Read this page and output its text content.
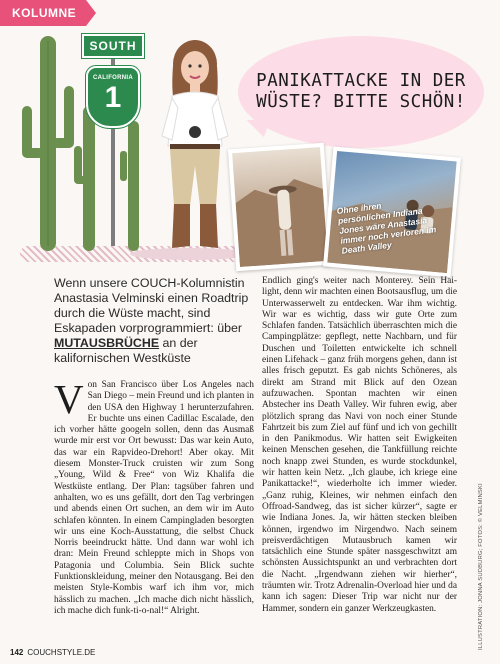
KOLUMNE
SOUTH
CALIFORNIA
1	PANIKATTACKE IN DER WÜSTE? BITTE SCHÖN!
Ohne ihren persönlichen Indiana Jones wäre Anastasia immer noch verloren im Death Valley
Wenn unsere COUCH-Kolumnistin Anastasia Velminski einen Roadtrip durch die Wüste macht, sind Eskapaden vorprogrammiert: über MUTAUSBRÜCHE an der kalifornischen Westküste
Von San Francisco über Los Angeles nach San Diego – mein Freund und ich planten in den USA den Highway 1 herunterzufahren. Er buchte uns einen Cadillac Escalade, den ich vorher hätte googeln sollen, denn das Ausmaß wurde mir erst vor Ort bewusst: Das war kein Auto, das war ein Rapvideo-Drehort! Aber okay. Mit diesem Monster-Truck cruisten wir zum Song „Young, Wild & Free“ von Wiz Khalifa die Westküste entlang. Der Plan: tagsüber fahren und anhalten, wo es uns gefällt, dort den Tag verbringen und abends einen Ort suchen, an dem wir im Auto schlafen könnten. In einem Campingladen besorgten wir uns eine Koch-Ausstattung, die selbst Chuck Norris beeindruckt hätte. Und dann war wohl ich dran: Mein Freund schleppte mich in Shops von Patagonia und Columbia. Sein Blick suchte Funktionskleidung, meiner den Notausgang. Bei den meisten Style-Kombis warf ich ihm vor, mich hässlich zu machen. „Ich mache dich nicht hässlich, ich mache dich funk-ti-o-nal!“ Alright.
Endlich ging's weiter nach Monterey. Sein Hai-light, denn wir machten einen Bootsausflug, um die Unterwasserwelt zu entdecken. War ihm wichtig. Wir war es wichtig, dass wir gute Orte zum Schlafen fanden. Tatsächlich überraschten mich die Campingplätze: gepflegt, nette Nachbarn, und für Duschen und Toiletten entwickelte ich schnell einen Lifehack – ganz früh morgens gehen, dann ist alles frisch geputzt. Es gab nichts Schöneres, als direkt am Strand mit Blick auf den Ozean aufzuwachen. Spontan machten wir einen Abstecher ins Death Valley. Wir fuhren ewig, aber plötzlich sprang das Navi von noch einer Stunde Fahrtzeit bis zum Ziel auf fünf und ich von gechillt in den Panikmodus. Wir hatten seit Ewigkeiten keinen Menschen gesehen, die Tankfüllung reichte noch knapp zwei Stunden, es wurde stockdunkel, wir hatten kein Netz. „Ich glaube, ich kriege eine Panikattacke!“, wiederholte ich immer wieder. „Ganz ruhig, Kleines, wir nehmen einfach den Offroad-Sandweg, das ist sicher kürzer“, sagte er wie Indiana Jones. Ja, wir hätten stecken bleiben können, irgendwo im Nirgendwo. Nach seinem preisverdächtigen Mutausbruch kamen wir tatsächlich eine Stunde später nassgeschwitzt am schönsten Aussichtspunkt an und verbrachten dort die Nacht. „Irgendwann ziehen wir hierher“, träumten wir. Trotz Adrenalin-Overload hier und da kann ich sagen: Dieser Trip war nicht nur der Hammer, sondern ein ganzer Werkzeugkasten.
142 COUCHSTYLE.DE
ILLUSTRATION: JONNA SUDBURG; FOTOS: © VELMINSKI
